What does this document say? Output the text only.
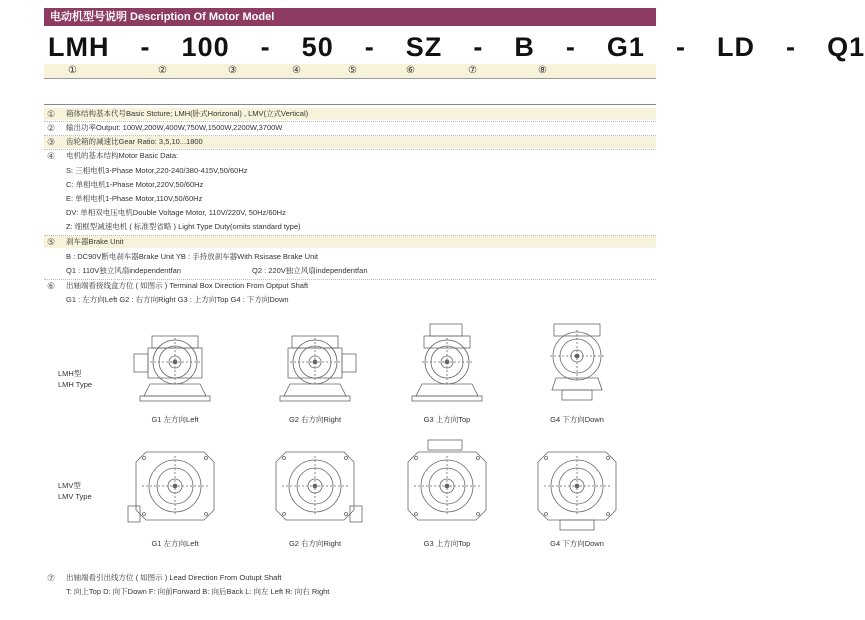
电动机型号说明 Description Of Motor Model
LMH - 100 - 50 - SZ - B - G1 - LD - Q1
①	②	③	④	⑤	⑥	⑦	⑧
①	箱体结构基本代号Basic Stcture; LMH(卧式Horizonal) , LMV(立式Vertical)
②	输出功率Output: 100W,200W,400W,750W,1500W,2200W,3700W
③	齿轮箱的减速比Gear Ratio: 3,5,10...1800
④	电机的基本结构Motor Basic Data:
S: 三相电机3-Phase Motor,220-240/380-415V,50/60Hz
C: 单相电机1-Phase Motor,220V,50/60Hz
E: 单相电机1-Phase Motor,110V,50/60Hz
DV: 单相双电压电机Double Voltage Motor, 110V/220V, 50Hz/60Hz
Z: 细框型减速电机 ( 标准型省略 ) Light Type Duty(omits standard type)
⑤	刹车器Brake Unit
B : DC90V断电刹车器Brake Unit YB : 手持放刹车器With Rsisase Brake Unit
Q1 : 110V独立风扇independentfan	Q2 : 220V独立风扇independentfan
⑥	出轴端看接线盒方位 ( 如图示 ) Terminal Box Direction From Optput Shaft
G1 : 左方向Left G2 : 右方向Right G3 : 上方向Top G4 : 下方向Down
LMH型
LMH Type
G1 左方向Left	G2 右方向Right	G3 上方向Top	G4 下方向Down
LMV型
LMV Type
G1 左方向Left	G2 右方向Right	G3 上方向Top	G4 下方向Down
⑦	出轴端看引出线方位 ( 如图示 ) Lead Direction From Outupt Shaft
T: 向上Top D: 向下Down F: 向前Forward B: 向后Back L: 向左 Left R: 向右 Right
